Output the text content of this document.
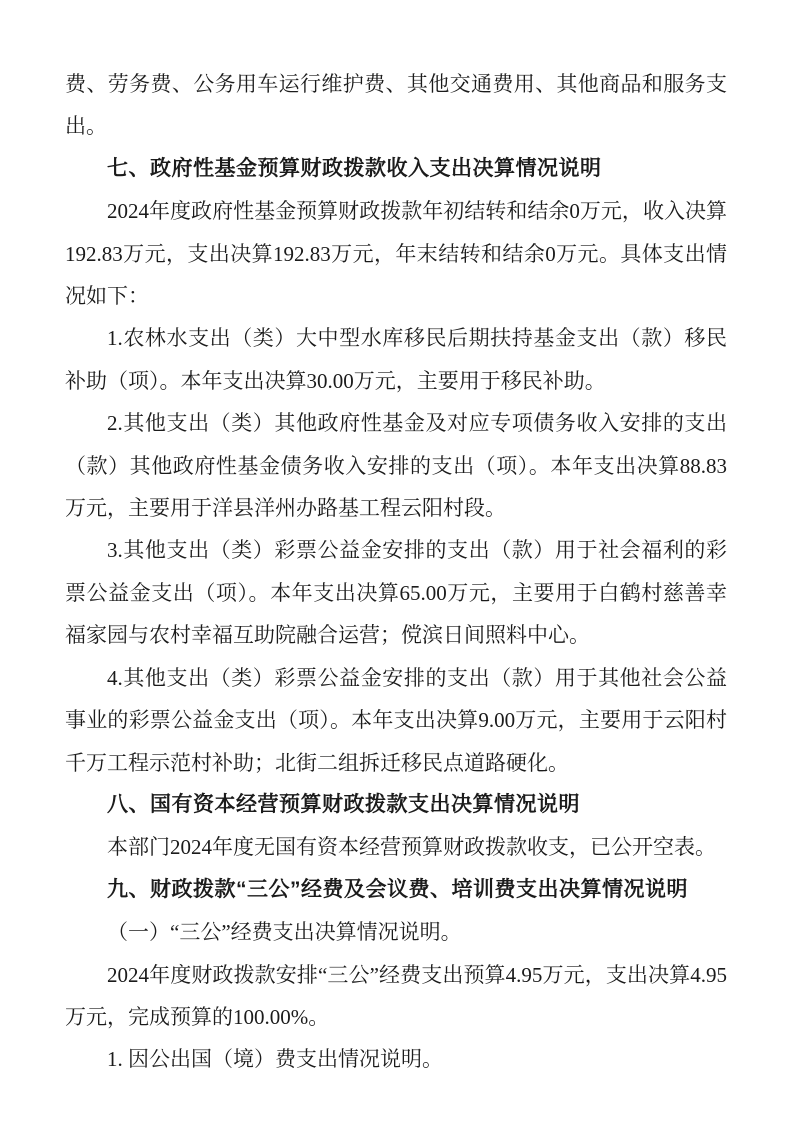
费、劳务费、公务用车运行维护费、其他交通费用、其他商品和服务支出。

七、政府性基金预算财政拨款收入支出决算情况说明

2024年度政府性基金预算财政拨款年初结转和结余0万元，收入决算192.83万元，支出决算192.83万元，年末结转和结余0万元。具体支出情况如下：

1.农林水支出（类）大中型水库移民后期扶持基金支出（款）移民补助（项）。本年支出决算30.00万元，主要用于移民补助。

2.其他支出（类）其他政府性基金及对应专项债务收入安排的支出（款）其他政府性基金债务收入安排的支出（项）。本年支出决算88.83万元，主要用于洋县洋州办路基工程云阳村段。

3.其他支出（类）彩票公益金安排的支出（款）用于社会福利的彩票公益金支出（项）。本年支出决算65.00万元，主要用于白鹤村慈善幸福家园与农村幸福互助院融合运营；傥滨日间照料中心。

4.其他支出（类）彩票公益金安排的支出（款）用于其他社会公益事业的彩票公益金支出（项）。本年支出决算9.00万元，主要用于云阳村千万工程示范村补助；北街二组拆迁移民点道路硬化。

八、国有资本经营预算财政拨款支出决算情况说明

本部门2024年度无国有资本经营预算财政拨款收支，已公开空表。

九、财政拨款“三公”经费及会议费、培训费支出决算情况说明

（一）“三公”经费支出决算情况说明。

2024年度财政拨款安排“三公”经费支出预算4.95万元，支出决算4.95万元，完成预算的100.00%。

1. 因公出国（境）费支出情况说明。
